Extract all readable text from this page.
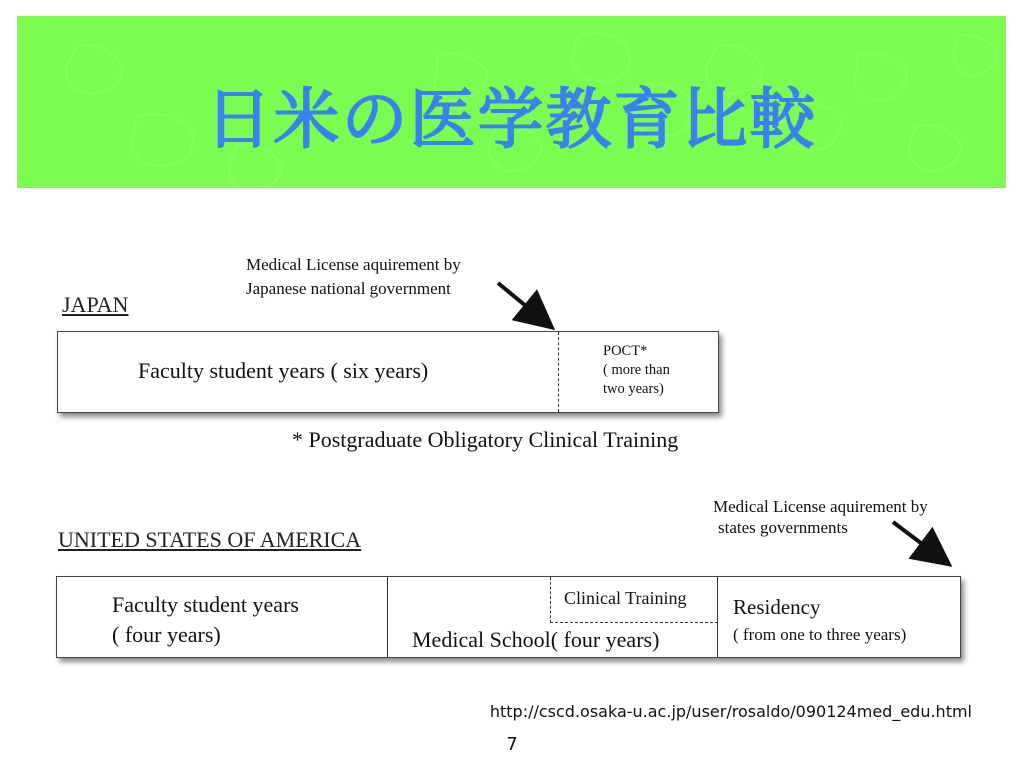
日米の医学教育比較
JAPAN
Medical License aquirement by
Japanese national government
Faculty student years ( six years)
POCT*
( more than
two years)
* Postgraduate Obligatory Clinical Training
UNITED STATES OF AMERICA
Medical License aquirement by
states governments
Faculty student years
( four years)
Clinical Training
Medical School( four years)
Residency
( from one to three years)
http://cscd.osaka-u.ac.jp/user/rosaldo/090124med_edu.html
7
